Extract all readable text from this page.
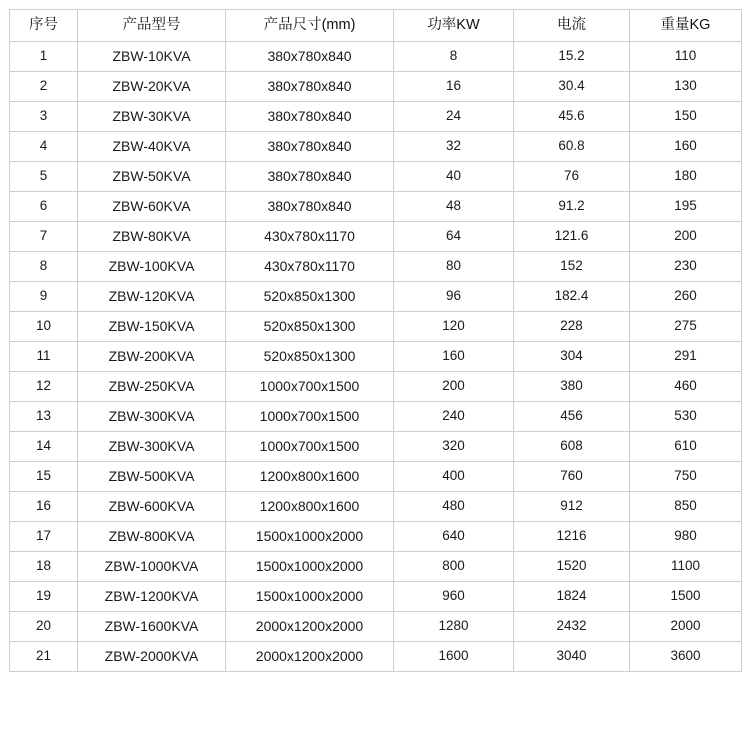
序号	产品型号	产品尺寸(mm)	功率KW	电流	重量KG
1	ZBW-10KVA	380x780x840	8	15.2	110
2	ZBW-20KVA	380x780x840	16	30.4	130
3	ZBW-30KVA	380x780x840	24	45.6	150
4	ZBW-40KVA	380x780x840	32	60.8	160
5	ZBW-50KVA	380x780x840	40	76	180
6	ZBW-60KVA	380x780x840	48	91.2	195
7	ZBW-80KVA	430x780x1170	64	121.6	200
8	ZBW-100KVA	430x780x1170	80	152	230
9	ZBW-120KVA	520x850x1300	96	182.4	260
10	ZBW-150KVA	520x850x1300	120	228	275
11	ZBW-200KVA	520x850x1300	160	304	291
12	ZBW-250KVA	1000x700x1500	200	380	460
13	ZBW-300KVA	1000x700x1500	240	456	530
14	ZBW-300KVA	1000x700x1500	320	608	610
15	ZBW-500KVA	1200x800x1600	400	760	750
16	ZBW-600KVA	1200x800x1600	480	912	850
17	ZBW-800KVA	1500x1000x2000	640	1216	980
18	ZBW-1000KVA	1500x1000x2000	800	1520	1100
19	ZBW-1200KVA	1500x1000x2000	960	1824	1500
20	ZBW-1600KVA	2000x1200x2000	1280	2432	2000
21	ZBW-2000KVA	2000x1200x2000	1600	3040	3600
